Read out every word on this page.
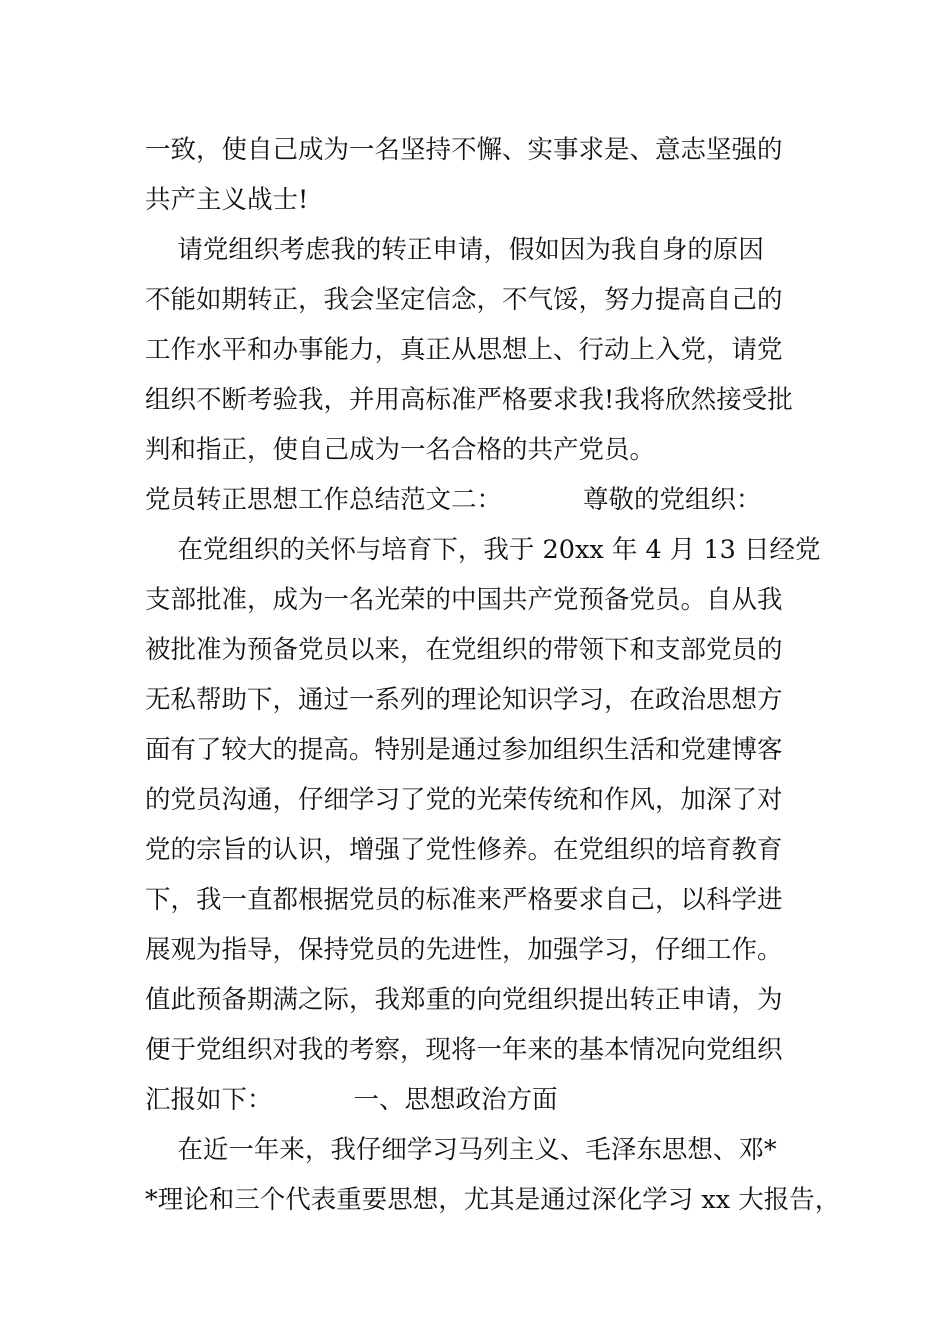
一致，使自己成为一名坚持不懈、实事求是、意志坚强的
共产主义战士!
请党组织考虑我的转正申请，假如因为我自身的原因
不能如期转正，我会坚定信念，不气馁，努力提高自己的
工作水平和办事能力，真正从思想上、行动上入党，请党
组织不断考验我，并用高标准严格要求我!我将欣然接受批
判和指正，使自己成为一名合格的共产党员。
党员转正思想工作总结范文二：          尊敬的党组织：
在党组织的关怀与培育下，我于 20xx 年 4 月 13 日经党
支部批准，成为一名光荣的中国共产党预备党员。自从我
被批准为预备党员以来，在党组织的带领下和支部党员的
无私帮助下，通过一系列的理论知识学习，在政治思想方
面有了较大的提高。特别是通过参加组织生活和党建博客
的党员沟通，仔细学习了党的光荣传统和作风，加深了对
党的宗旨的认识，增强了党性修养。在党组织的培育教育
下，我一直都根据党员的标准来严格要求自己，以科学进
展观为指导，保持党员的先进性，加强学习，仔细工作。
值此预备期满之际，我郑重的向党组织提出转正申请，为
便于党组织对我的考察，现将一年来的基本情况向党组织
汇报如下：          一、思想政治方面
在近一年来，我仔细学习马列主义、毛泽东思想、邓*
*理论和三个代表重要思想，尤其是通过深化学习 xx 大报告，
